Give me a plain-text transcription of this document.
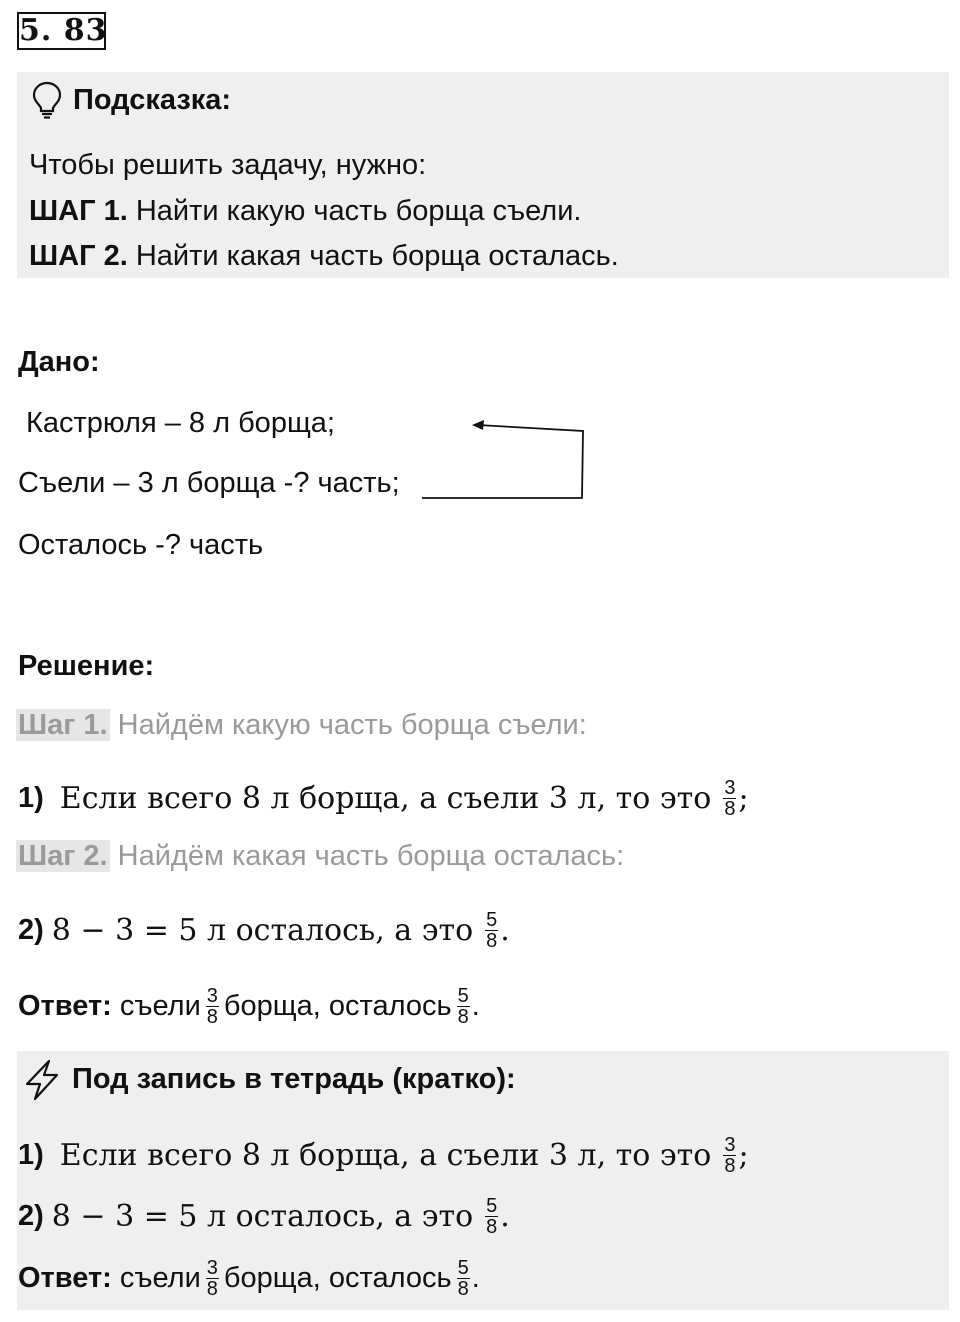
5. 83
Подсказка:
Чтобы решить задачу, нужно:
ШАГ 1. Найти какую часть борща съели.
ШАГ 2. Найти какая часть борща осталась.
Дано:
Кастрюля – 8 л борща;
Съели – 3 л борща -? часть;
Осталось -? часть
Решение:
Шаг 1. Найдём какую часть борща съели:
1) Если всего 8 л борща, а съели 3 л, то это $\frac{3}{8}$ ;
Шаг 2. Найдём какая часть борща осталась:
2) 8 − 3 = 5 л осталось, а это $\frac{5}{8}$ .
Ответ: съели $\frac{3}{8}$ борща, осталось $\frac{5}{8}$ .
Под запись в тетрадь (кратко):
1) Если всего 8 л борща, а съели 3 л, то это $\frac{3}{8}$ ;
2) 8 − 3 = 5 л осталось, а это $\frac{5}{8}$ .
Ответ: съели $\frac{3}{8}$ борща, осталось $\frac{5}{8}$ .
